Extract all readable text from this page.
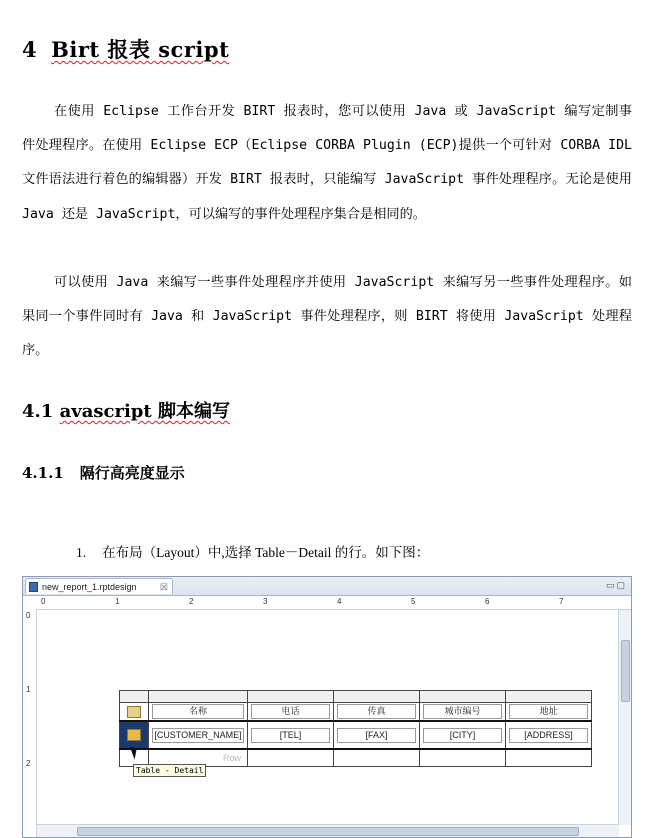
4 Birt 报表 script
在使用 Eclipse 工作台开发 BIRT 报表时，您可以使用 Java 或 JavaScript 编写定制事件处理程序。在使用 Eclipse ECP（Eclipse CORBA Plugin (ECP)提供一个可针对 CORBA IDL 文件语法进行着色的编辑器）开发 BIRT 报表时，只能编写 JavaScript 事件处理程序。无论是使用 Java 还是 JavaScript，可以编写的事件处理程序集合是相同的。
可以使用 Java 来编写一些事件处理程序并使用 JavaScript 来编写另一些事件处理程序。如果同一个事件同时有 Java 和 JavaScript 事件处理程序，则 BIRT 将使用 JavaScript 处理程序。
4.1 avascript 脚本编写
4.1.1 隔行高亮度显示
1. 在布局（Layout）中,选择 Table－Detail 的行。如下图：
new_report_1.rptdesign	☒	▭▢
0	1	2	3	4	5	6	7
0
1
2

	名称	电话	传真	城市编号	地址

	[CUSTOMER_NAME]	[TEL]	[FAX]	[CITY]	[ADDRESS]

	Row				
Table - Detail
